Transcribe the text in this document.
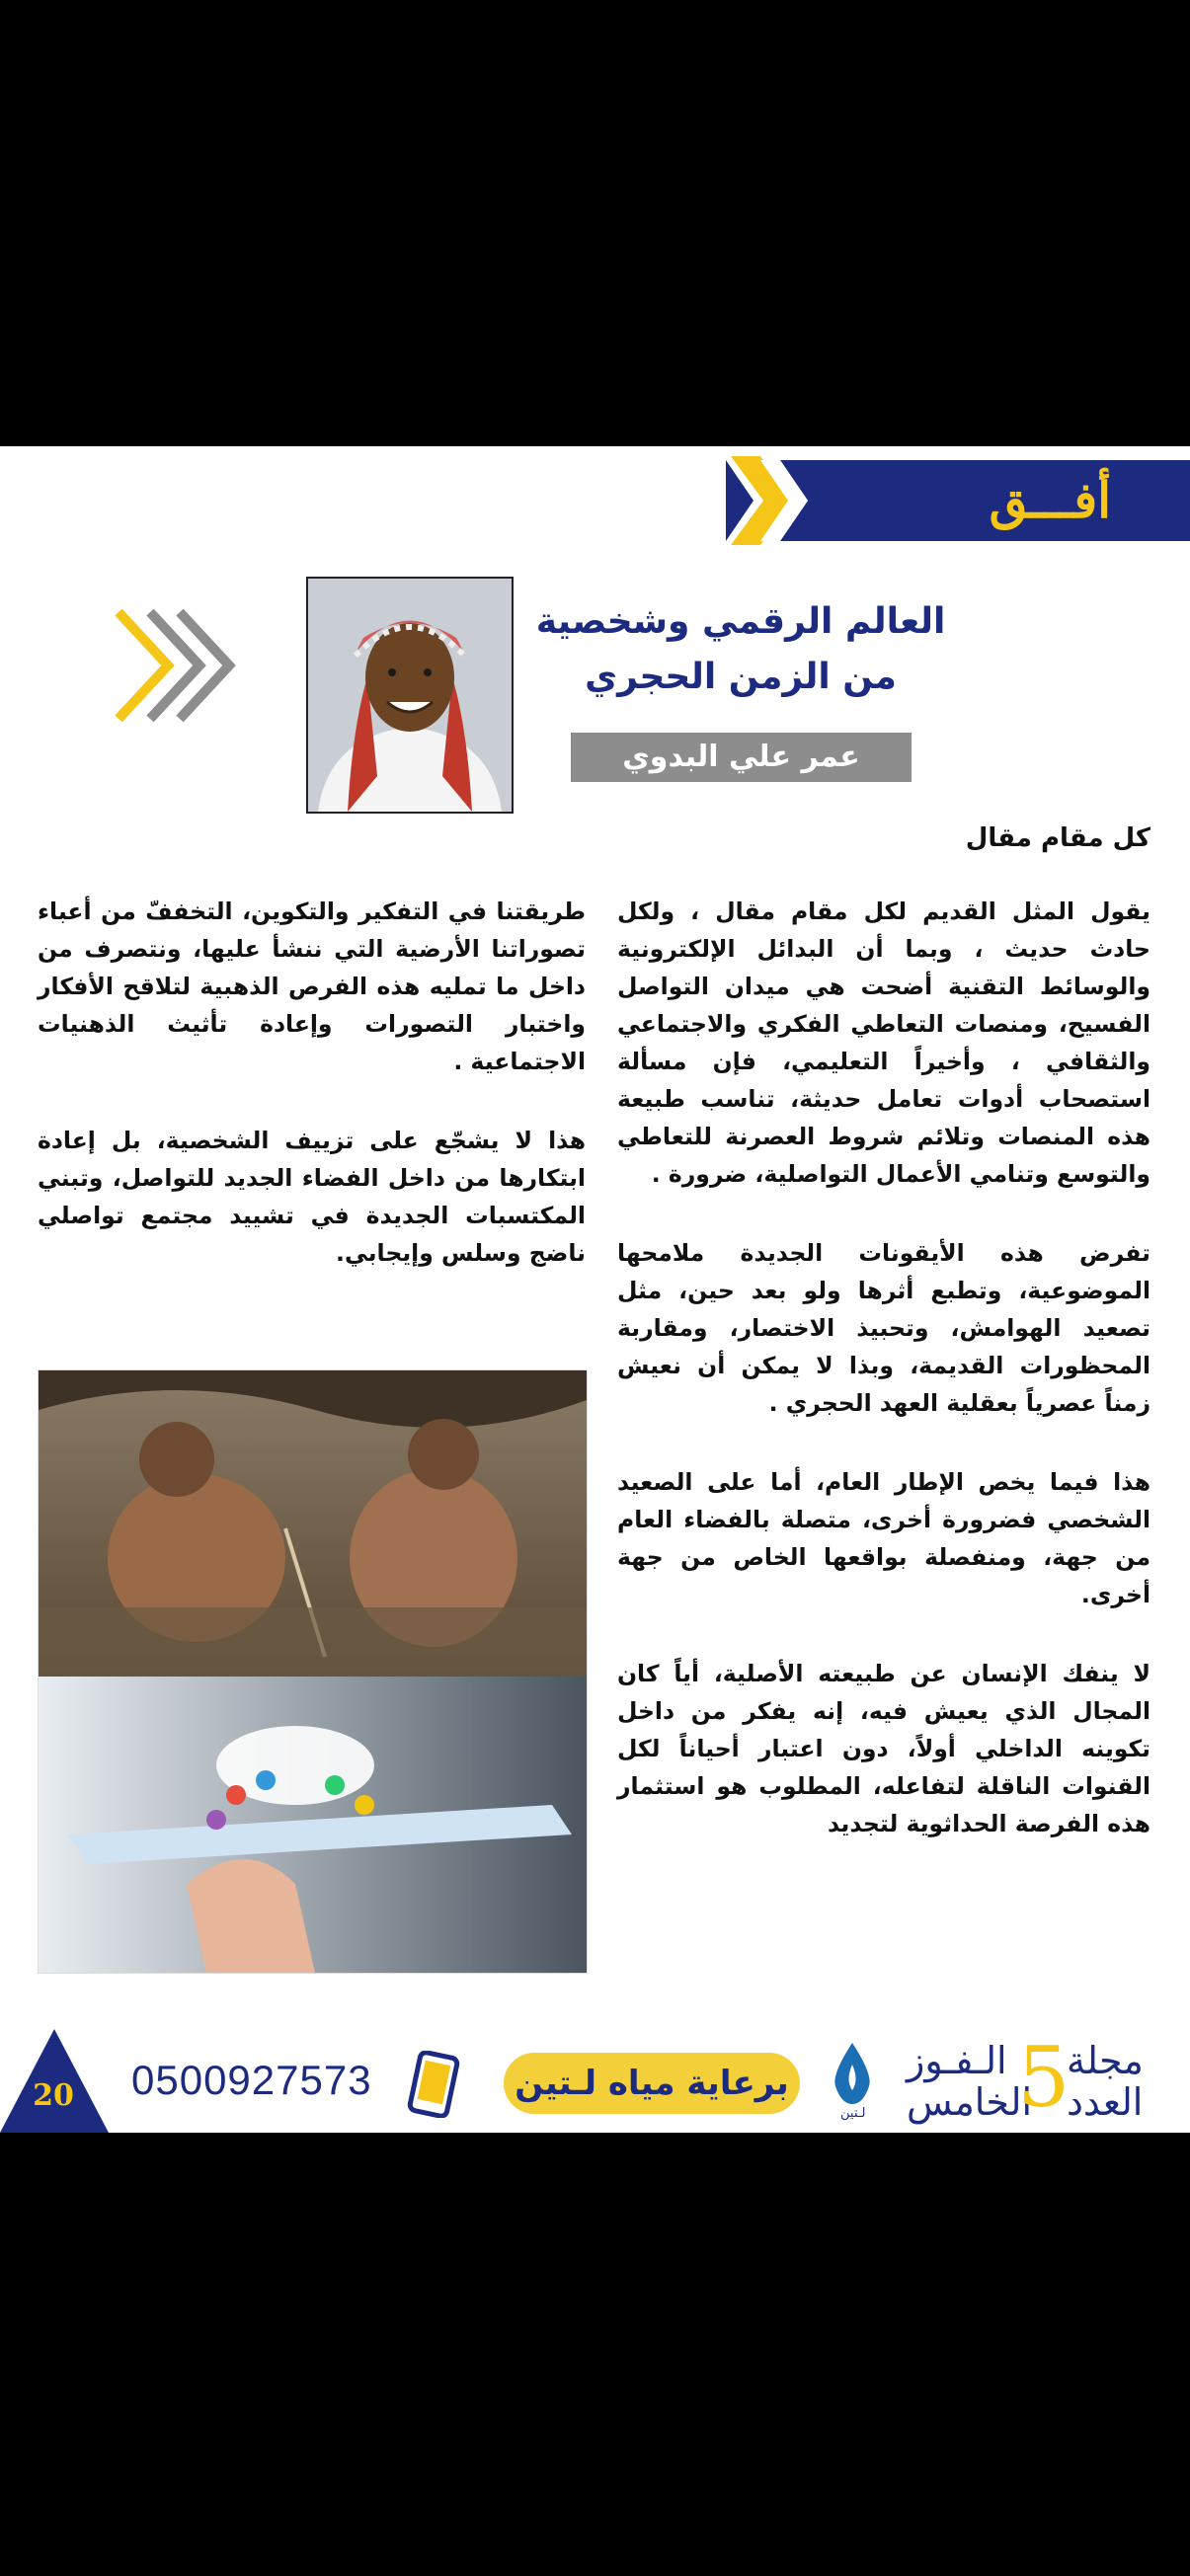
أفـــق

العالم الرقمي وشخصية

من الزمن الحجري

عمر علي البدوي
كل مقام مقال

يقول المثل القديم لكل مقام مقال ، ولكل حادث حديث ، وبما أن البدائل الإلكترونية والوسائط التقنية أضحت هي ميدان التواصل الفسيح، ومنصات التعاطي الفكري والاجتماعي والثقافي ، وأخيراً التعليمي، فإن مسألة استصحاب أدوات تعامل حديثة، تناسب طبيعة هذه المنصات وتلائم شروط العصرنة للتعاطي والتوسع وتنامي الأعمال التواصلية، ضرورة .

تفرض هذه الأيقونات الجديدة ملامحها الموضوعية، وتطبع أثرها ولو بعد حين، مثل تصعيد الهوامش، وتحبيذ الاختصار، ومقاربة المحظورات القديمة، وبذا لا يمكن أن نعيش زمناً عصرياً بعقلية العهد الحجري .

هذا فيما يخص الإطار العام، أما على الصعيد الشخصي فضرورة أخرى، متصلة بالفضاء العام من جهة، ومنفصلة بواقعها الخاص من جهة أخرى.

لا ينفك الإنسان عن طبيعته الأصلية، أياً كان المجال الذي يعيش فيه، إنه يفكر من داخل تكوينه الداخلي أولاً، دون اعتبار أحياناً لكل القنوات الناقلة لتفاعله، المطلوب هو استثمار هذه الفرصة الحداثوية لتجديد

طريقتنا في التفكير والتكوين، التخففّ من أعباء تصوراتنا الأرضية التي ننشأ عليها، ونتصرف من داخل ما تمليه هذه الفرص الذهبية لتلاقح الأفكار واختبار التصورات وإعادة تأثيث الذهنيات الاجتماعية .

هذا لا يشجّع على تزييف الشخصية، بل إعادة ابتكارها من داخل الفضاء الجديد للتواصل، وتبني المكتسبات الجديدة في تشييد مجتمع تواصلي ناضج وسلس وإيجابي.

20 0500927573	برعاية مياه لـتين
لـتين
الـفـوز
الخامس
5
مجلة
العدد
